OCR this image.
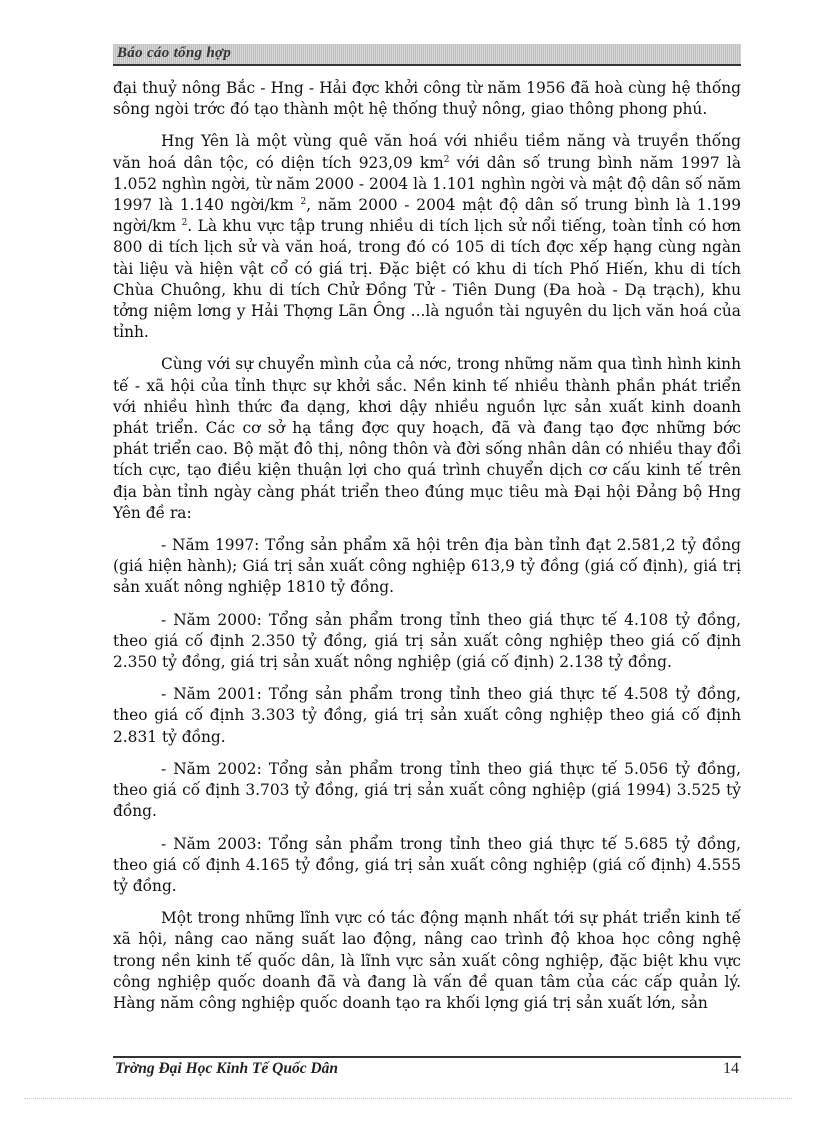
Báo cáo tổng hợp

đại thuỷ nông Bắc - Hng - Hải đợc khởi công từ năm 1956 đã hoà cùng hệ thống sông ngòi trớc đó tạo thành một hệ thống thuỷ nông, giao thông phong phú.

Hng Yên là một vùng quê văn hoá với nhiều tiềm năng và truyền thống văn hoá dân tộc, có diện tích 923,09 $km^2$ với dân số trung bình năm 1997 là 1.052 nghìn ngời, từ năm 2000 - 2004 là 1.101 nghìn ngời và mật độ dân số năm 1997 là 1.140 ngời/km $^2$, năm 2000 - 2004 mật độ dân số trung bình là 1.199 ngời/km $^2$. Là khu vực tập trung nhiều di tích lịch sử nổi tiếng, toàn tỉnh có hơn 800 di tích lịch sử và văn hoá, trong đó có 105 di tích đợc xếp hạng cùng ngàn tài liệu và hiện vật cổ có giá trị. Đặc biệt có khu di tích Phố Hiến, khu di tích Chùa Chuông, khu di tích Chử Đồng Tử - Tiên Dung (Đa hoà - Dạ trạch), khu tởng niệm lơng y Hải Thợng Lãn Ông ...là nguồn tài nguyên du lịch văn hoá của tỉnh.

Cùng với sự chuyển mình của cả nớc, trong những năm qua tình hình kinh tế - xã hội của tỉnh thực sự khởi sắc. Nền kinh tế nhiều thành phần phát triển với nhiều hình thức đa dạng, khơi dậy nhiều nguồn lực sản xuất kinh doanh phát triển. Các cơ sở hạ tầng đợc quy hoạch, đã và đang tạo đợc những bớc phát triển cao. Bộ mặt đô thị, nông thôn và đời sống nhân dân có nhiều thay đổi tích cực, tạo điều kiện thuận lợi cho quá trình chuyển dịch cơ cấu kinh tế trên địa bàn tỉnh ngày càng phát triển theo đúng mục tiêu mà Đại hội Đảng bộ Hng Yên đề ra:

- Năm 1997: Tổng sản phẩm xã hội trên địa bàn tỉnh đạt 2.581,2 tỷ đồng (giá hiện hành); Giá trị sản xuất công nghiệp 613,9 tỷ đồng (giá cố định), giá trị sản xuất nông nghiệp 1810 tỷ đồng.

- Năm 2000: Tổng sản phẩm trong tỉnh theo giá thực tế 4.108 tỷ đồng, theo giá cố định 2.350 tỷ đồng, giá trị sản xuất công nghiệp theo giá cố định 2.350 tỷ đồng, giá trị sản xuất nông nghiệp (giá cố định) 2.138 tỷ đồng.

- Năm 2001: Tổng sản phẩm trong tỉnh theo giá thực tế 4.508 tỷ đồng, theo giá cố định 3.303 tỷ đồng, giá trị sản xuất công nghiệp theo giá cố định 2.831 tỷ đồng.

- Năm 2002: Tổng sản phẩm trong tỉnh theo giá thực tế 5.056 tỷ đồng, theo giá cố định 3.703 tỷ đồng, giá trị sản xuất công nghiệp (giá 1994) 3.525 tỷ đồng.

- Năm 2003: Tổng sản phẩm trong tỉnh theo giá thực tế 5.685 tỷ đồng, theo giá cố định 4.165 tỷ đồng, giá trị sản xuất công nghiệp (giá cố định) 4.555 tỷ đồng.

Một trong những lĩnh vực có tác động mạnh nhất tới sự phát triển kinh tế xã hội, nâng cao năng suất lao động, nâng cao trình độ khoa học công nghệ trong nền kinh tế quốc dân, là lĩnh vực sản xuất công nghiệp, đặc biệt khu vực công nghiệp quốc doanh đã và đang là vấn đề quan tâm của các cấp quản lý. Hàng năm công nghiệp quốc doanh tạo ra khối lợng giá trị sản xuất lớn, sản

Trờng Đại Học Kinh Tế Quốc Dân	14
